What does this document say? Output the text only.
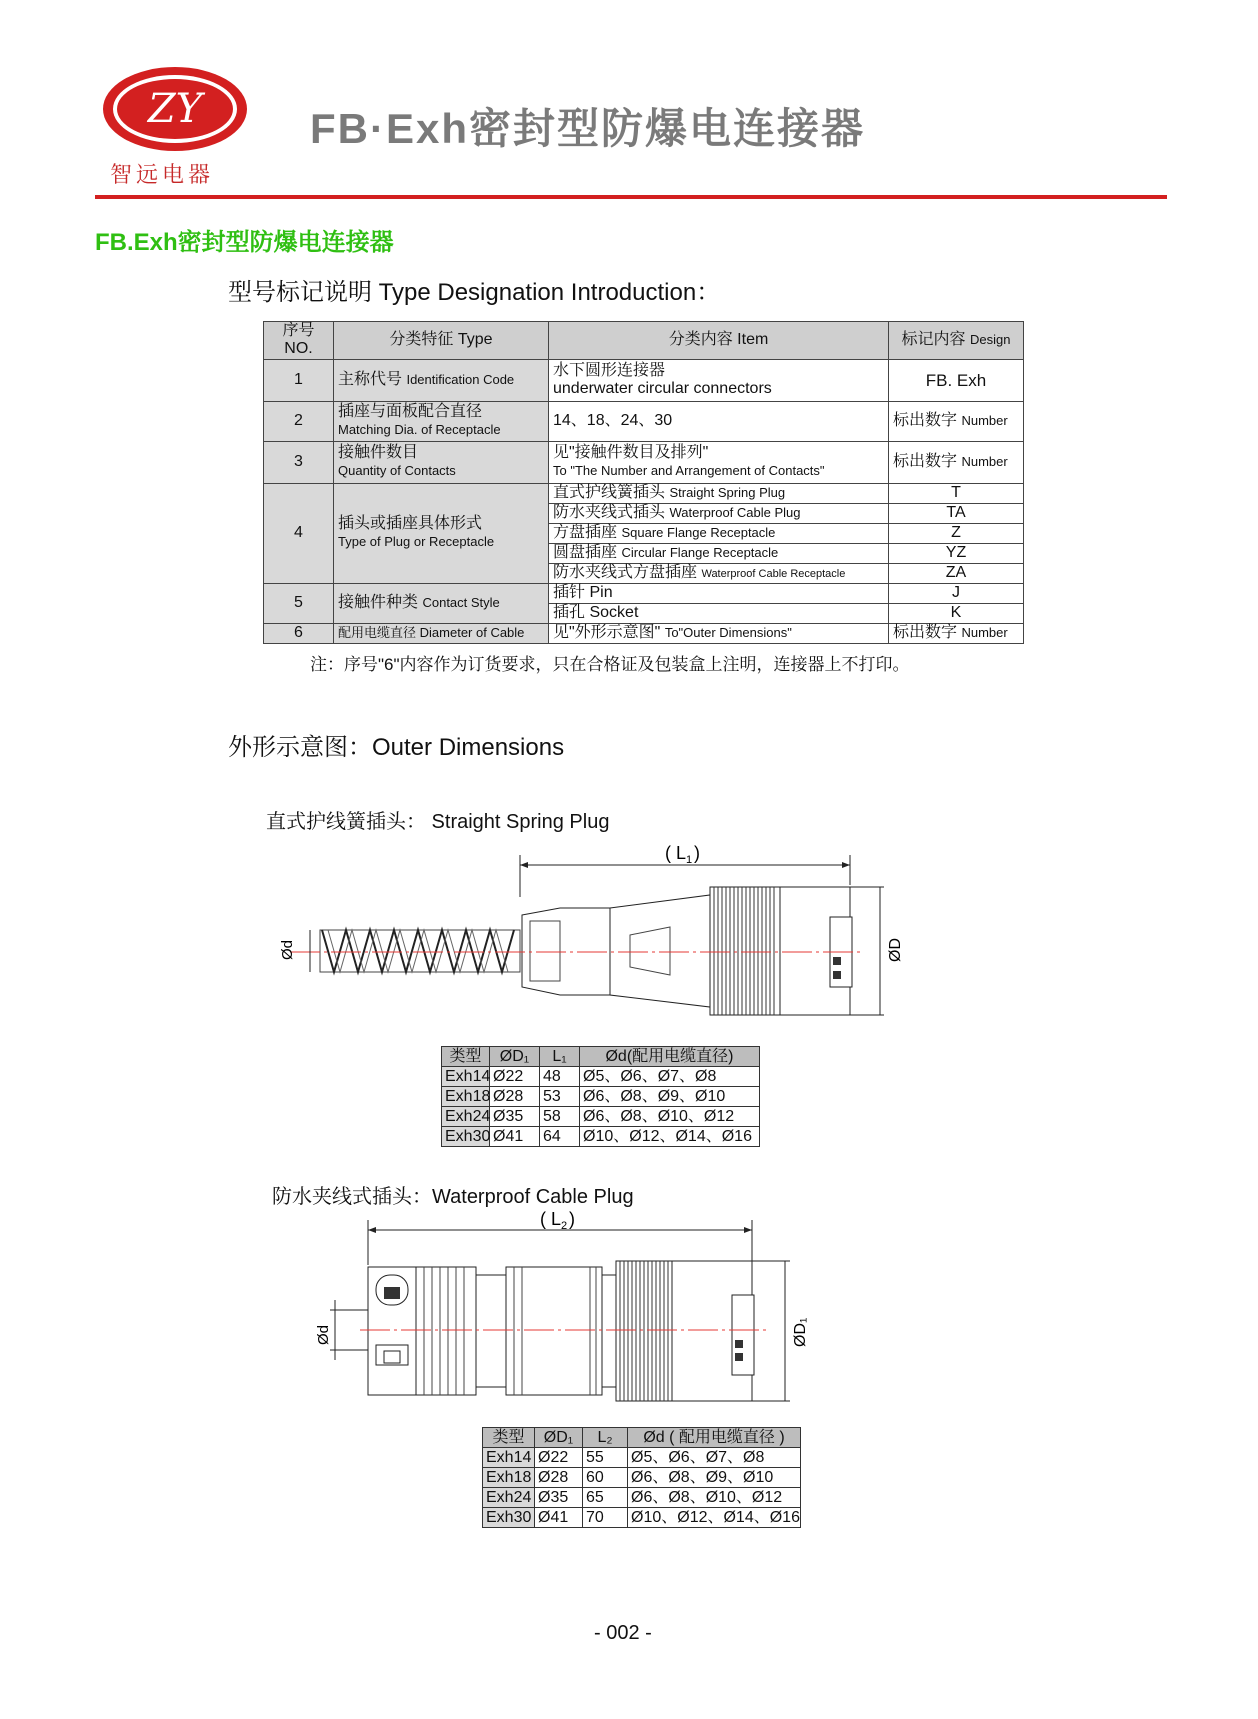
ZY
智远电器
FB·Exh密封型防爆电连接器
FB.Exh密封型防爆电连接器
型号标记说明 Type Designation Introduction：
序号 NO.	分类特征 Type	分类内容 Item	标记内容 Design
1	主称代号 Identification Code	水下圆形连接器
underwater circular connectors	FB. Exh
2	插座与面板配合直径
Matching Dia. of Receptacle	14、18、24、30	标出数字 Number
3	接触件数目
Quantity of Contacts	见"接触件数目及排列"
To "The Number and Arrangement of Contacts"	标出数字 Number
4	插头或插座具体形式
Type of Plug or Receptacle	直式护线簧插头 Straight Spring Plug	T
		防水夹线式插头 Waterproof Cable Plug	TA
		方盘插座 Square Flange Receptacle	Z
		圆盘插座 Circular Flange Receptacle	YZ
		防水夹线式方盘插座 Waterproof Cable Receptacle	ZA
5	接触件种类 Contact Style	插针 Pin	J
		插孔 Socket	K
6	配用电缆直径 Diameter of Cable	见"外形示意图" To"Outer Dimensions"	标出数字 Number
注：序号"6"内容作为订货要求，只在合格证及包装盒上注明，连接器上不打印。
外形示意图：Outer Dimensions
直式护线簧插头： Straight Spring Plug
( L 1 )
Ød	ØD
类型	ØD₁	L₁	Ød(配用电缆直径)
Exh14	Ø22	48	Ø5、Ø6、Ø7、Ø8
Exh18	Ø28	53	Ø6、Ø8、Ø9、Ø10
Exh24	Ø35	58	Ø6、Ø8、Ø10、Ø12
Exh30	Ø41	64	Ø10、Ø12、Ø14、Ø16
防水夹线式插头：Waterproof Cable Plug
( L 2 )
Ød	ØD₁
类型	ØD₁	L₂	Ød ( 配用电缆直径 )
Exh14	Ø22	55	Ø5、Ø6、Ø7、Ø8
Exh18	Ø28	60	Ø6、Ø8、Ø9、Ø10
Exh24	Ø35	65	Ø6、Ø8、Ø10、Ø12
Exh30	Ø41	70	Ø10、Ø12、Ø14、Ø16
- 002 -
